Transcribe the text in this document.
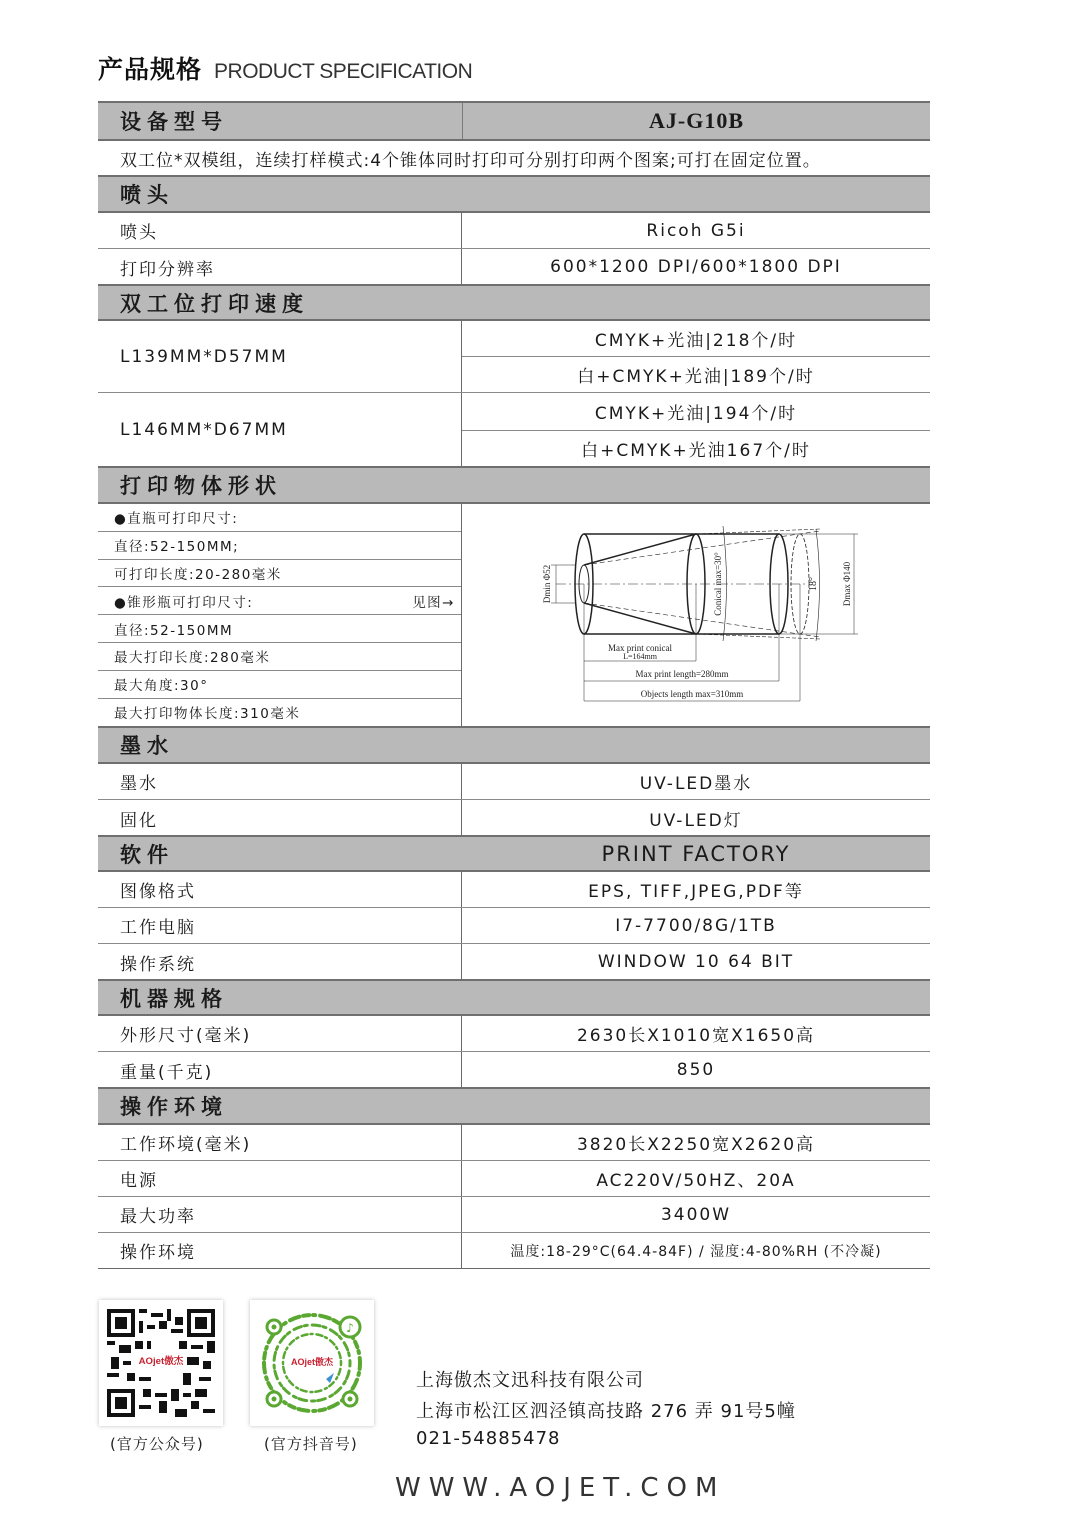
产品规格 PRODUCT SPECIFICATION
设备型号	AJ-G10B
双工位*双模组，连续打样模式:4个锥体同时打印可分别打印两个图案;可打在固定位置。
喷头
喷头	Ricoh G5i
打印分辨率	600*1200 DPI/600*1800 DPI
双工位打印速度
L139MM*D57MM
CMYK+光油|218个/时
白+CMYK+光油|189个/时
L146MM*D67MM
CMYK+光油|194个/时
白+CMYK+光油167个/时
打印物体形状
●直瓶可打印尺寸:
直径:52-150MM;
可打印长度:20-280毫米
●锥形瓶可打印尺寸:	见图→
直径:52-150MM
最大打印长度:280毫米
最大角度:30°
最大打印物体长度:310毫米
Dmin Φ52	Conical max=30°	18°	Dmax Φ140
Max print conical
L=164mm
Max print length=280mm
Objects length max=310mm
墨水
墨水	UV-LED墨水
固化	UV-LED灯
软件	PRINT FACTORY
图像格式	EPS, TIFF,JPEG,PDF等
工作电脑	I7-7700/8G/1TB
操作系统	WINDOW 10 64 BIT
机器规格
外形尺寸(毫米)	2630长X1010宽X1650高
重量(千克)	850
操作环境
工作环境(毫米)	3820长X2250宽X2620高
电源	AC220V/50HZ、20A
最大功率	3400W
操作环境	温度:18-29°C(64.4-84F) / 湿度:4-80%RH (不冷凝)
AOjet傲杰
(官方公众号)
♪
AOjet傲杰
(官方抖音号)
上海傲杰文迅科技有限公司
上海市松江区泗泾镇高技路 276 弄 91号5幢
021-54885478
WWW.AOJET.COM
